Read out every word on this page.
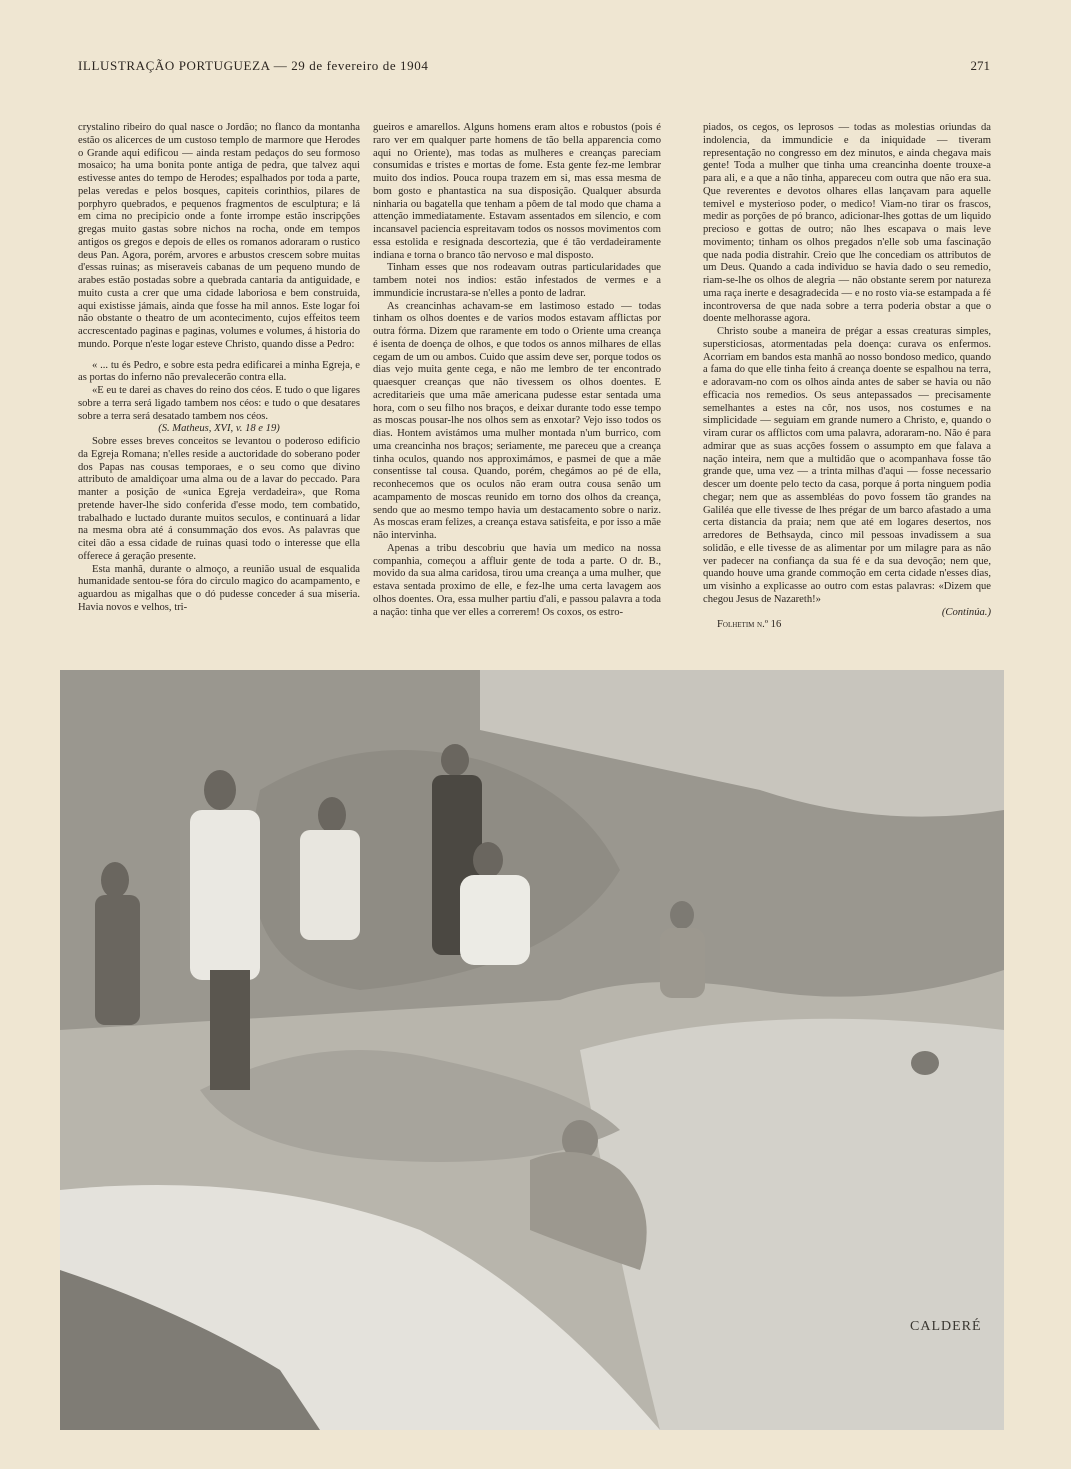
ILLUSTRAÇÃO PORTUGUEZA — 29 de fevereiro de 1904	271

crystalino ribeiro do qual nasce o Jordão; no flanco da montanha estão os alicerces de um custoso templo de marmore que Herodes o Grande aqui edificou — ainda restam pedaços do seu formoso mosaico; ha uma bonita ponte antiga de pedra, que talvez aqui estivesse antes do tempo de Herodes; espalhados por toda a parte, pelas veredas e pelos bosques, capiteis corinthios, pilares de porphyro quebrados, e pequenos fragmentos de esculptura; e lá em cima no precipicio onde a fonte irrompe estão inscripções gregas muito gastas sobre nichos na rocha, onde em tempos antigos os gregos e depois de elles os romanos adoraram o rustico deus Pan. Agora, porém, arvores e arbustos crescem sobre muitas d'essas ruinas; as miseraveis cabanas de um pequeno mundo de arabes estão postadas sobre a quebrada cantaria da antiguidade, e muito custa a crer que uma cidade laboriosa e bem construida, aqui existisse jámais, ainda que fosse ha mil annos. Este logar foi não obstante o theatro de um acontecimento, cujos effeitos teem accrescentado paginas e paginas, volumes e volumes, á historia do mundo. Porque n'este logar esteve Christo, quando disse a Pedro:

« ... tu és Pedro, e sobre esta pedra edificarei a minha Egreja, e as portas do inferno não prevalecerão contra ella.

«E eu te darei as chaves do reino dos céos. E tudo o que ligares sobre a terra será ligado tambem nos céos: e tudo o que desatares sobre a terra será desatado tambem nos céos.

(S. Matheus, XVI, v. 18 e 19)

Sobre esses breves conceitos se levantou o poderoso edificio da Egreja Romana; n'elles reside a auctoridade do soberano poder dos Papas nas cousas temporaes, e o seu como que divino attributo de amaldiçoar uma alma ou de a lavar do peccado. Para manter a posição de «unica Egreja verdadeira», que Roma pretende haver-lhe sido conferida d'esse modo, tem combatido, trabalhado e luctado durante muitos seculos, e continuará a lidar na mesma obra até á consummação dos evos. As palavras que citei dão a essa cidade de ruinas quasi todo o interesse que ella offerece á geração presente.

Esta manhã, durante o almoço, a reunião usual de esqualida humanidade sentou-se fóra do circulo magico do acampamento, e aguardou as migalhas que o dó pudesse conceder á sua miseria. Havia novos e velhos, tri-

gueiros e amarellos. Alguns homens eram altos e robustos (pois é raro ver em qualquer parte homens de tão bella apparencia como aqui no Oriente), mas todas as mulheres e creanças pareciam consumidas e tristes e mortas de fome. Esta gente fez-me lembrar muito dos indios. Pouca roupa trazem em si, mas essa mesma de bom gosto e phantastica na sua disposição. Qualquer absurda ninharia ou bagatella que tenham a pôem de tal modo que chama a attenção immediatamente. Estavam assentados em silencio, e com incansavel paciencia espreitavam todos os nossos movimentos com essa estolida e resignada descortezia, que é tão verdadeiramente indiana e torna o branco tão nervoso e mal disposto.

Tinham esses que nos rodeavam outras particularidades que tambem notei nos indios: estão infestados de vermes e a immundicie incrustara-se n'elles a ponto de ladrar.

As creancinhas achavam-se em lastimoso estado — todas tinham os olhos doentes e de varios modos estavam afflictas por outra fórma. Dizem que raramente em todo o Oriente uma creança é isenta de doença de olhos, e que todos os annos milhares de ellas cegam de um ou ambos. Cuido que assim deve ser, porque todos os dias vejo muita gente cega, e não me lembro de ter encontrado quaesquer creanças que não tivessem os olhos doentes. E acreditarieis que uma mãe americana pudesse estar sentada uma hora, com o seu filho nos braços, e deixar durante todo esse tempo as moscas pousar-lhe nos olhos sem as enxotar? Vejo isso todos os dias. Hontem avistámos uma mulher montada n'um burrico, com uma creancinha nos braços; seriamente, me pareceu que a creança tinha oculos, quando nos approximámos, e pasmei de que a mãe consentisse tal cousa. Quando, porém, chegámos ao pé de ella, reconhecemos que os oculos não eram outra cousa senão um acampamento de moscas reunido em torno dos olhos da creança, sendo que ao mesmo tempo havia um destacamento sobre o nariz. As moscas eram felizes, a creança estava satisfeita, e por isso a mãe não intervinha.

Apenas a tribu descobriu que havia um medico na nossa companhia, começou a affluir gente de toda a parte. O dr. B., movido da sua alma caridosa, tirou uma creança a uma mulher, que estava sentada proximo de elle, e fez-lhe uma certa lavagem aos olhos doentes. Ora, essa mulher partiu d'ali, e passou palavra a toda a nação: tinha que ver elles a correrem! Os coxos, os estro-

piados, os cegos, os leprosos — todas as molestias oriundas da indolencia, da immundicie e da iniquidade — tiveram representação no congresso em dez minutos, e ainda chegava mais gente! Toda a mulher que tinha uma creancinha doente trouxe-a para ali, e a que a não tinha, appareceu com outra que não era sua. Que reverentes e devotos olhares ellas lançavam para aquelle temivel e mysterioso poder, o medico! Viam-no tirar os frascos, medir as porções de pó branco, adicionar-lhes gottas de um liquido precioso e gottas de outro; não lhes escapava o mais leve movimento; tinham os olhos pregados n'elle sob uma fascinação que nada podia distrahir. Creio que lhe concediam os attributos de um Deus. Quando a cada individuo se havia dado o seu remedio, riam-se-lhe os olhos de alegria — não obstante serem por natureza uma raça inerte e desagradecida — e no rosto via-se estampada a fé incontroversa de que nada sobre a terra poderia obstar a que o doente melhorasse agora.

Christo soube a maneira de prégar a essas creaturas simples, supersticiosas, atormentadas pela doença: curava os enfermos. Acorriam em bandos esta manhã ao nosso bondoso medico, quando a fama do que elle tinha feito á creança doente se espalhou na terra, e adoravam-no com os olhos ainda antes de saber se havia ou não efficacia nos remedios. Os seus antepassados — precisamente semelhantes a estes na côr, nos usos, nos costumes e na simplicidade — seguiam em grande numero a Christo, e, quando o viram curar os afflictos com uma palavra, adoraram-no. Não é para admirar que as suas acções fossem o assumpto em que falava a nação inteira, nem que a multidão que o acompanhava fosse tão grande que, uma vez — a trinta milhas d'aqui — fosse necessario descer um doente pelo tecto da casa, porque á porta ninguem podia chegar; nem que as assembléas do povo fossem tão grandes na Galiléa que elle tivesse de lhes prégar de um barco afastado a uma certa distancia da praia; nem que até em logares desertos, nos arredores de Bethsayda, cinco mil pessoas invadissem a sua solidão, e elle tivesse de as alimentar por um milagre para as não ver padecer na confiança da sua fé e da sua devoção; nem que, quando houve uma grande commoção em certa cidade n'esses dias, um visinho a explicasse ao outro com estas palavras: «Dizem que chegou Jesus de Nazareth!»

(Continúa.)

Folhetim n.º 16

CALDERÉ
